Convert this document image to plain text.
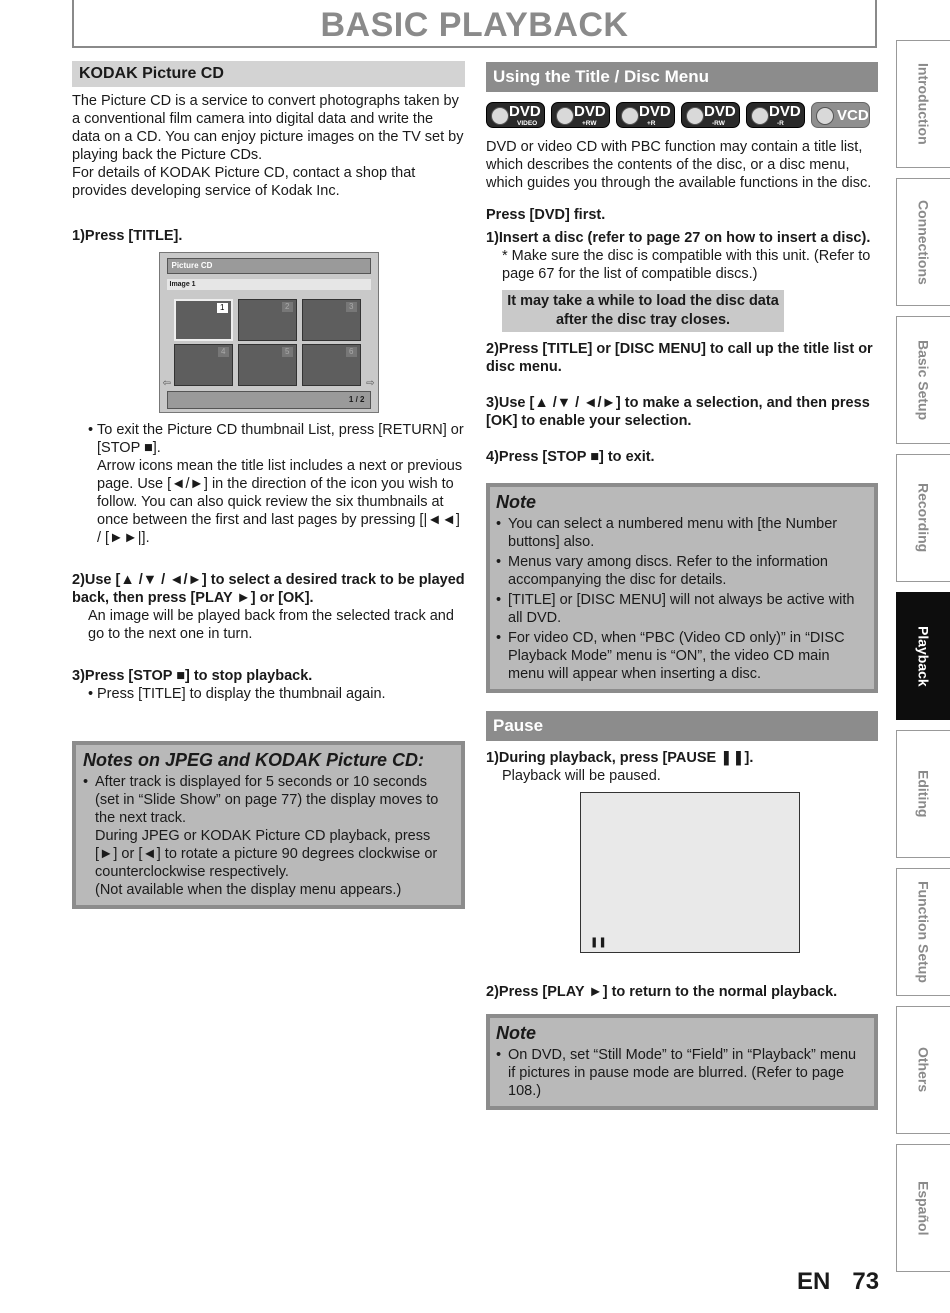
BASIC PLAYBACK
KODAK Picture CD

The Picture CD is a service to convert photographs taken by a conventional film camera into digital data and write the data on a CD. You can enjoy picture images on the TV set by playing back the Picture CDs.

For details of KODAK Picture CD, contact a shop that provides developing service of Kodak Inc.

1)Press [TITLE].

Picture CD
Image 1
1	2	3
4	5	6
⇦	⇨
1 / 2

• To exit the Picture CD thumbnail List, press [RETURN] or [STOP ■].

Arrow icons mean the title list includes a next or previous page. Use [◄/►] in the direction of the icon you wish to follow. You can also quick review the six thumbnails at once between the first and last pages by pressing [|◄◄] / [►►|].

2)Use [▲ /▼ / ◄/►] to select a desired track to be played back, then press [PLAY ►] or [OK].

An image will be played back from the selected track and go to the next one in turn.

3)Press [STOP ■] to stop playback.

• Press [TITLE] to display the thumbnail again.

Notes on JPEG and KODAK Picture CD:

• After track is displayed for 5 seconds or 10 seconds (set in “Slide Show” on page 77) the display moves to the next track.

During JPEG or KODAK Picture CD playback, press [►] or [◄] to rotate a picture 90 degrees clockwise or counterclockwise respectively.

(Not available when the display menu appears.)

Using the Title / Disc Menu
DVD
VIDEO
DVD
+RW
DVD
+R
DVD
-RW
DVD
-R	VCD

DVD or video CD with PBC function may contain a title list, which describes the contents of the disc, or a disc menu, which guides you through the available functions in the disc.

Press [DVD] first.

1)Insert a disc (refer to page 27 on how to insert a disc).

* Make sure the disc is compatible with this unit. (Refer to page 67 for the list of compatible discs.)

It may take a while to load the disc data after the disc tray closes.

2)Press [TITLE] or [DISC MENU] to call up the title list or disc menu.

3)Use [▲ /▼ / ◄/►] to make a selection, and then press [OK] to enable your selection.

4)Press [STOP ■] to exit.

Note

• You can select a numbered menu with [the Number buttons] also.

• Menus vary among discs. Refer to the information accompanying the disc for details.

• [TITLE] or [DISC MENU] will not always be active with all DVD.

• For video CD, when “PBC (Video CD only)” in “DISC Playback Mode” menu is “ON”, the video CD main menu will appear when inserting a disc.

Pause

1)During playback, press [PAUSE ❚❚].

Playback will be paused.

❚❚

2)Press [PLAY ►] to return to the normal playback.

Note

• On DVD, set “Still Mode” to “Field” in “Playback” menu if pictures in pause mode are blurred. (Refer to page 108.)

Introduction
Connections
Basic Setup
Recording
Playback
Editing
Function Setup
Others
Español
EN 73
